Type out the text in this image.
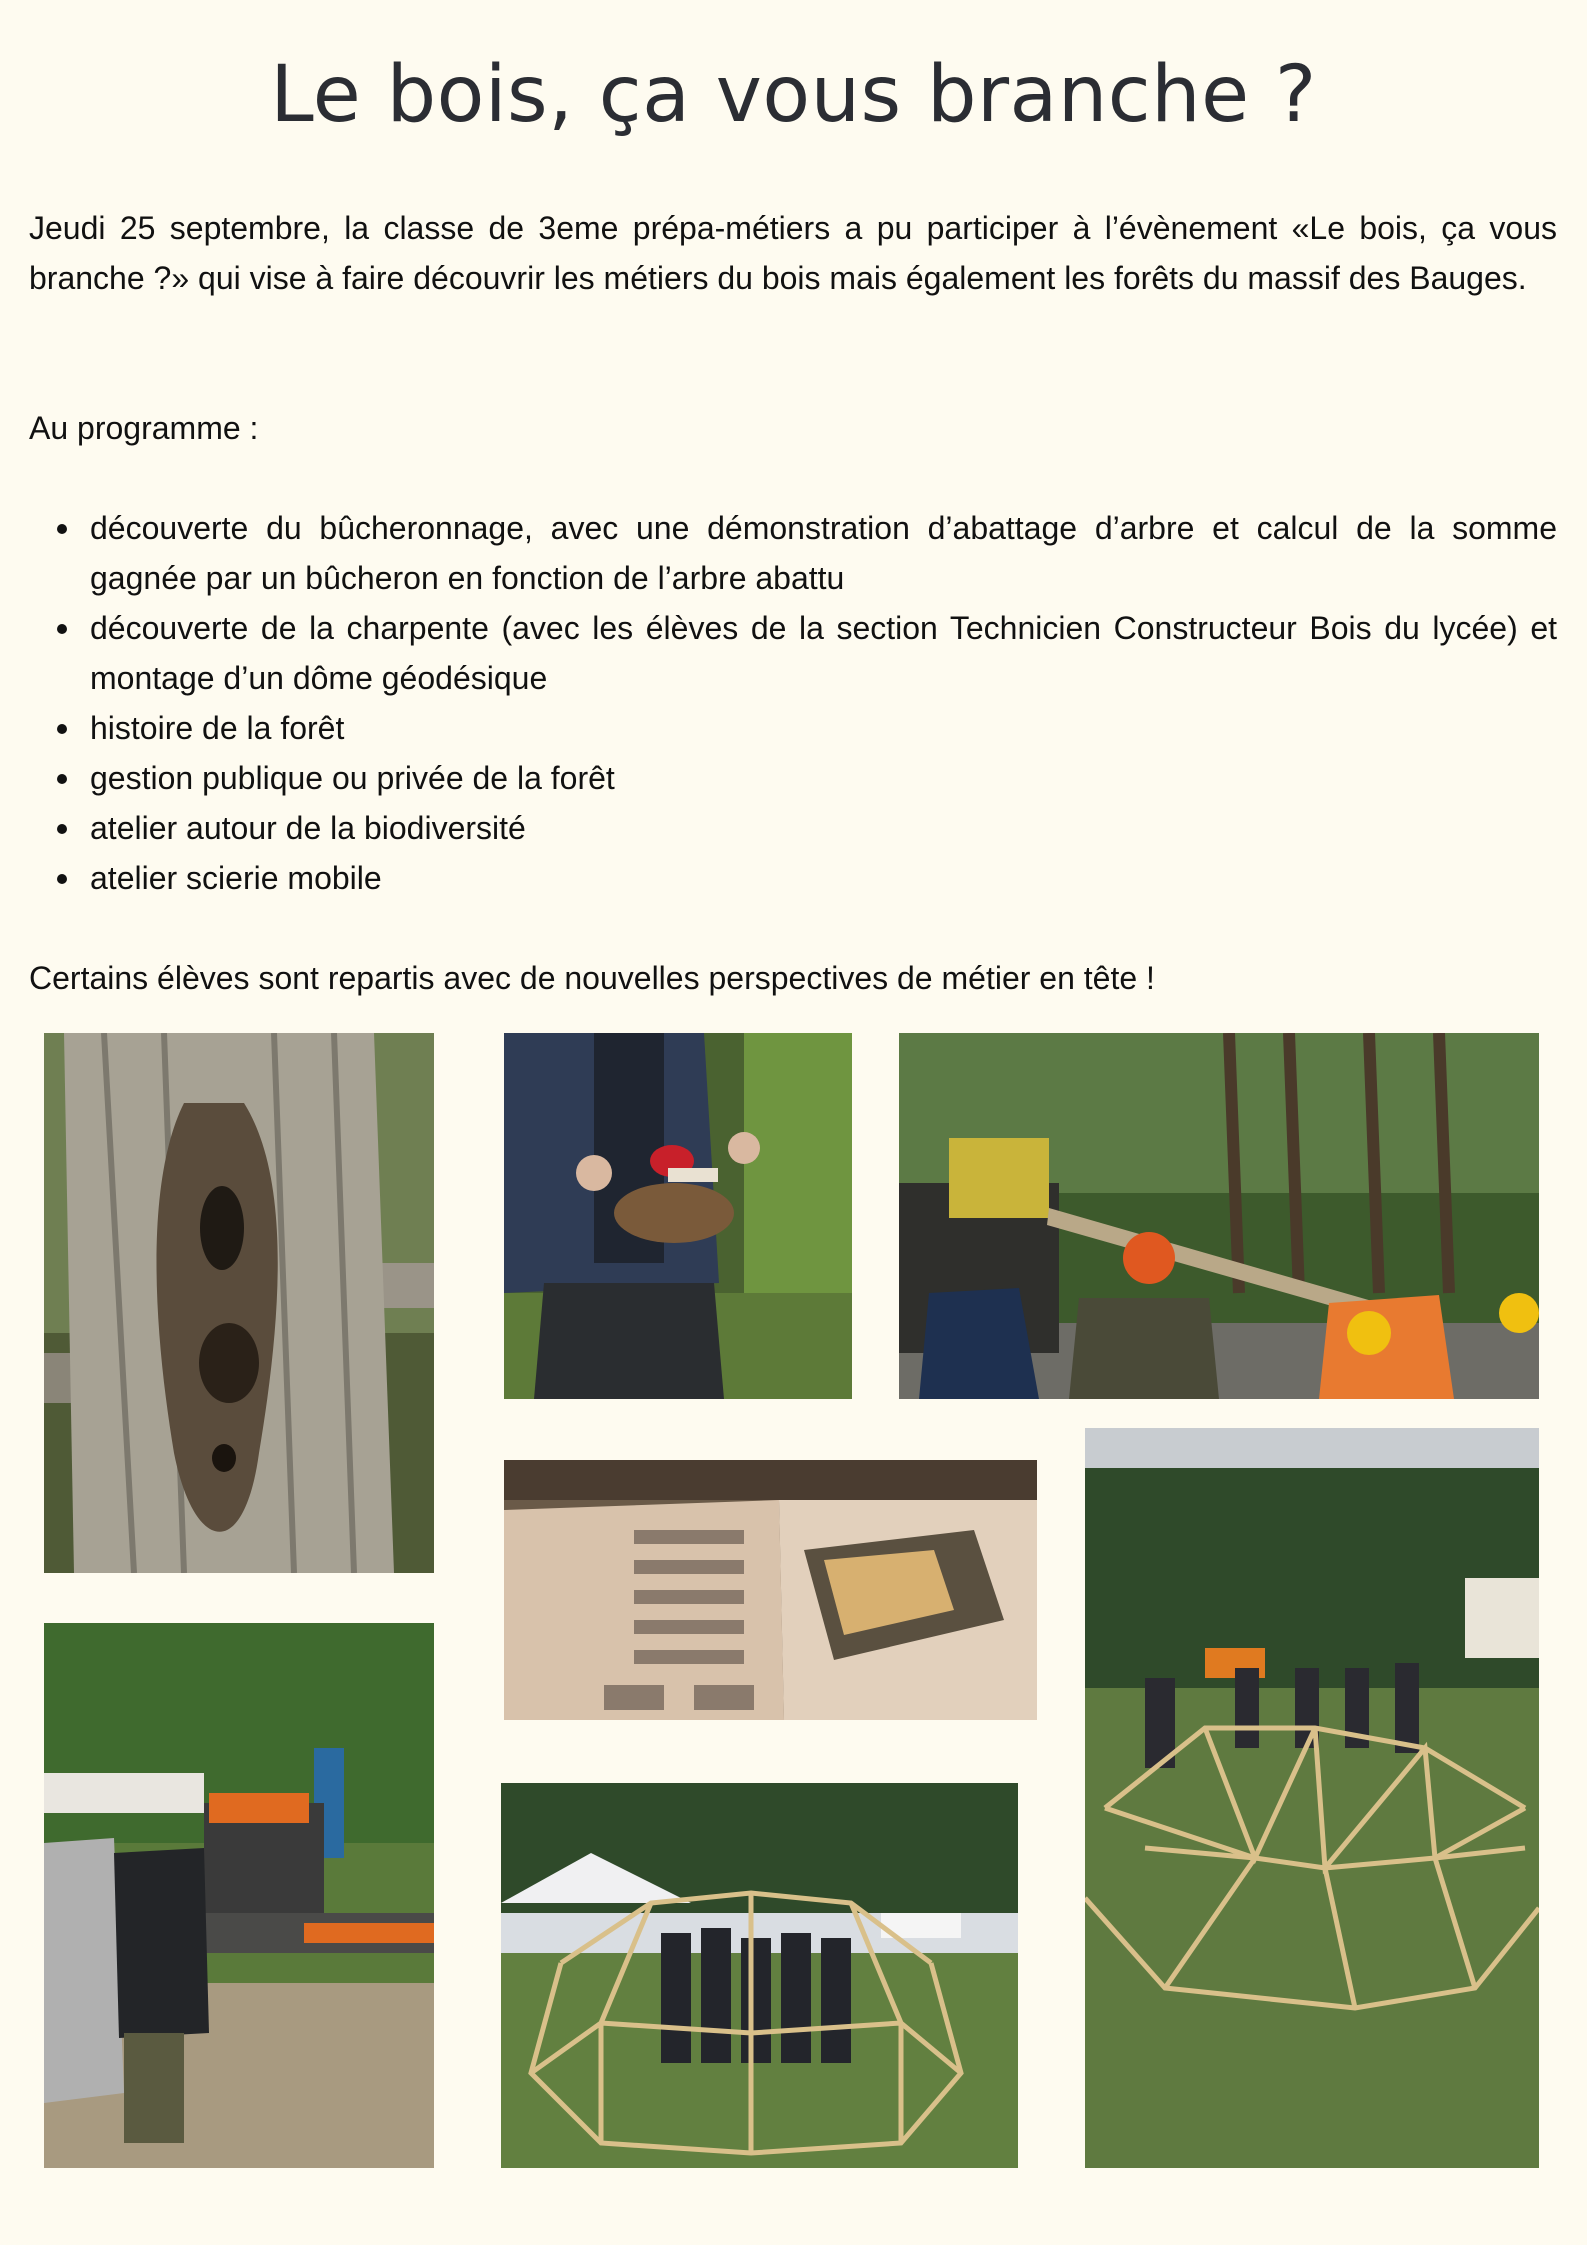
Le bois, ça vous branche ?

Jeudi 25 septembre, la classe de 3eme prépa-métiers a pu participer à l’évènement «Le bois, ça vous branche ?» qui vise à faire découvrir les métiers du bois mais également les forêts du massif des Bauges.

Au programme :

découverte du bûcheronnage, avec une démonstration d’abattage d’arbre et calcul de la somme gagnée par un bûcheron en fonction de l’arbre abattu
découverte de la charpente (avec les élèves de la section Technicien Constructeur Bois du lycée) et montage d’un dôme géodésique
histoire de la forêt
gestion publique ou privée de la forêt
atelier autour de la biodiversité
atelier scierie mobile

Certains élèves sont repartis avec de nouvelles perspectives de métier en tête !
